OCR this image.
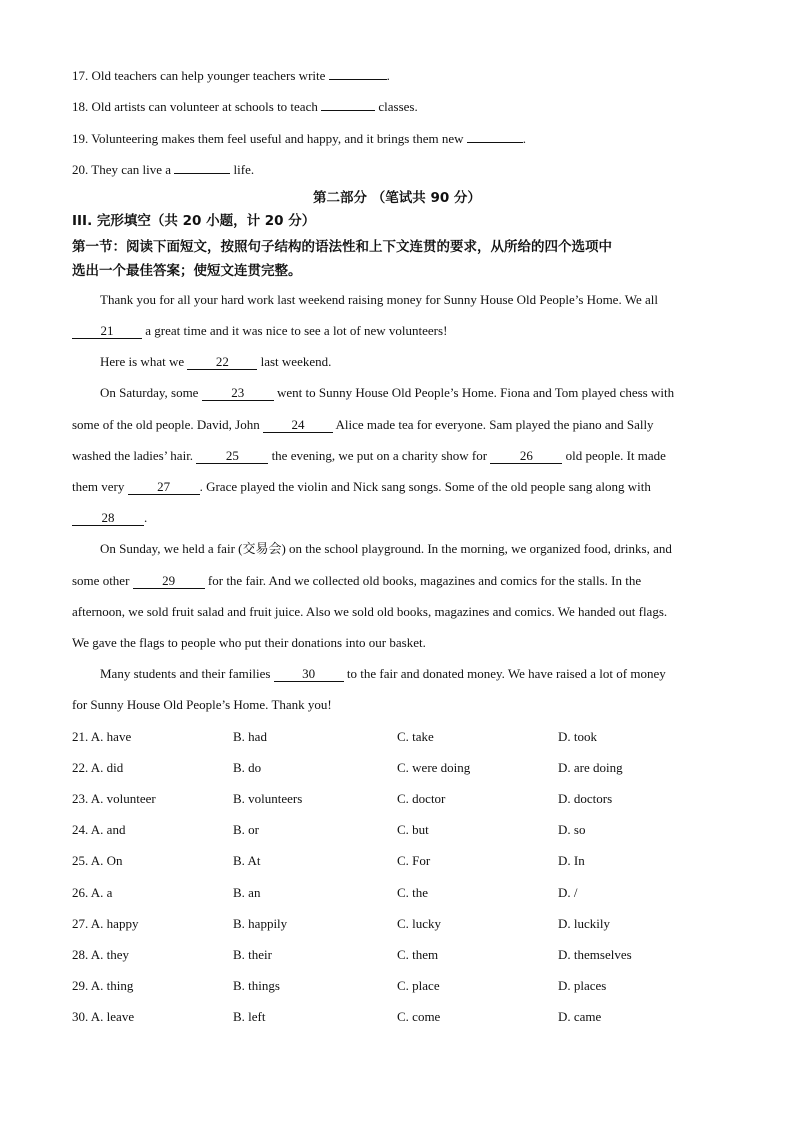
17. Old teachers can help younger teachers write	.
18. Old artists can volunteer at schools to teach	classes.
19. Volunteering makes them feel useful and happy, and it brings them new	.
20. They can live a	life.
第二部分 （笔试共 90 分）
III. 完形填空（共 20 小题，计 20 分）
第一节：阅读下面短文，按照句子结构的语法性和上下文连贯的要求，从所给的四个选项中
选出一个最佳答案；使短文连贯完整。
Thank you for all your hard work last weekend raising money for Sunny House Old People’s Home. We all
21 a great time and it was nice to see a lot of new volunteers!
Here is what we 22 last weekend.
On Saturday, some 23 went to Sunny House Old People’s Home. Fiona and Tom played chess with
some of the old people. David, John 24 Alice made tea for everyone. Sam played the piano and Sally
washed the ladies’ hair. 25 the evening, we put on a charity show for 26 old people. It made
them very 27 . Grace played the violin and Nick sang songs. Some of the old people sang along with
28 .
On Sunday, we held a fair (交易会) on the school playground. In the morning, we organized food, drinks, and
some other 29 for the fair. And we collected old books, magazines and comics for the stalls. In the
afternoon, we sold fruit salad and fruit juice. Also we sold old books, magazines and comics. We handed out flags.
We gave the flags to people who put their donations into our basket.
Many students and their families 30 to the fair and donated money. We have raised a lot of money
for Sunny House Old People’s Home. Thank you!
21. A. have	B. had	C. take	D. took
22. A. did	B. do	C. were doing	D. are doing
23. A. volunteer	B. volunteers	C. doctor	D. doctors
24. A. and	B. or	C. but	D. so
25. A. On	B. At	C. For	D. In
26. A. a	B. an	C. the	D. /
27. A. happy	B. happily	C. lucky	D. luckily
28. A. they	B. their	C. them	D. themselves
29. A. thing	B. things	C. place	D. places
30. A. leave	B. left	C. come	D. came
